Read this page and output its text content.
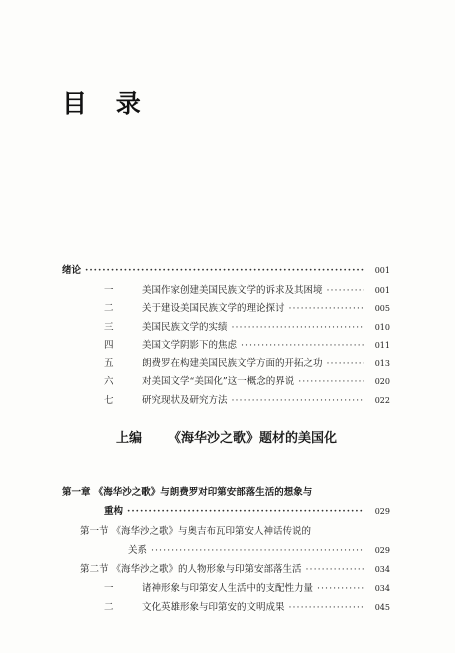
目 录
绪论 ·····	001
一	美国作家创建美国民族文学的诉求及其困境 ·····	001
二	关于建设美国民族文学的理论探讨 ·····	005
三	美国民族文学的实绩 ·····	010
四	美国文学阴影下的焦虑 ·····	011
五	朗费罗在构建美国民族文学方面的开拓之功 ·····	013
六	对美国文学“美国化”这一概念的界说 ·····	020
七	研究现状及研究方法 ·····	022
上编 《海华沙之歌》题材的美国化
第一章 《海华沙之歌》与朗费罗对印第安部落生活的想象与
重构 ·····	029
第一节 《海华沙之歌》与奥吉布瓦印第安人神话传说的
关系 ·····	029
第二节 《海华沙之歌》的人物形象与印第安部落生活 ·····	034
一	诸神形象与印第安人生活中的支配性力量 ·····	034
二	文化英雄形象与印第安的文明成果 ·····	045
